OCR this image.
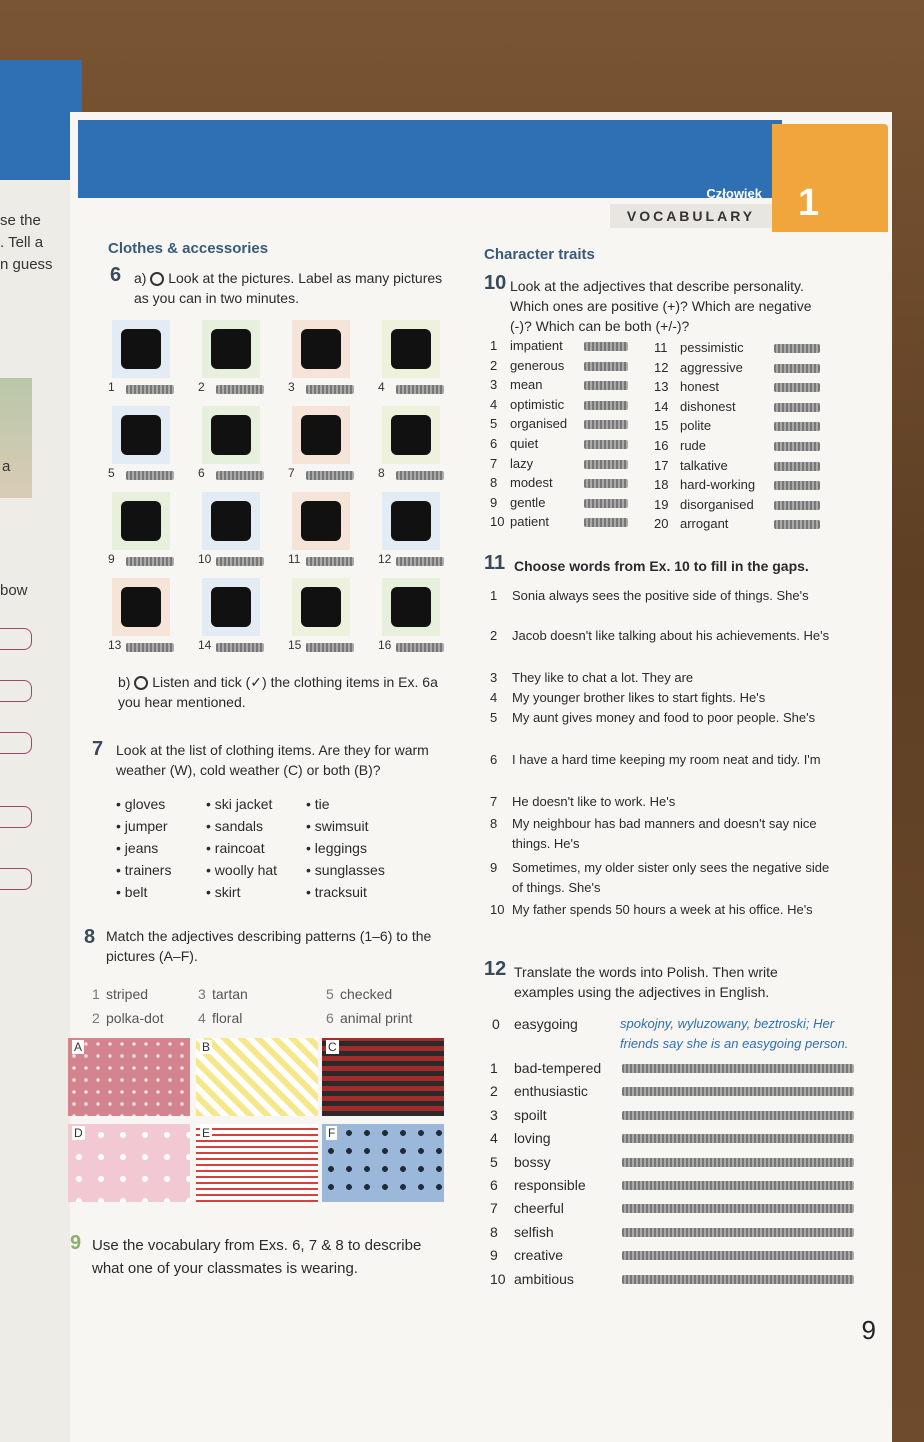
se the
. Tell a
n guess
a
bow
Człowiek 1
VOCABULARY
Clothes & accessories
6 a) Look at the pictures. Label as many pictures as you can in two minutes.
1	2	3	4
5	6	7	8
9	10	11	12
13	14	15	16
b) Listen and tick (✓) the clothing items in Ex. 6a you hear mentioned.
7 Look at the list of clothing items. Are they for warm weather (W), cold weather (C) or both (B)?
• gloves	• ski jacket • tie
• jumper	• sandals	• swimsuit
• jeans	• raincoat	• leggings
• trainers • woolly hat • sunglasses
• belt	• skirt	• tracksuit
8 Match the adjectives describing patterns (1–6) to the pictures (A–F).
1 striped
2 polka-dot
3 tartan
4 floral
5 checked
6 animal print
A	B	C
D	E	F
9 Use the vocabulary from Exs. 6, 7 & 8 to describe what one of your classmates is wearing.
Character traits
10 Look at the adjectives that describe personality. Which ones are positive (+)? Which are negative (-)? Which can be both (+/-)?
1 impatient
2 generous
3 mean
4 optimistic
5 organised
6 quiet
7 lazy
8 modest
9 gentle
10 patient
11 pessimistic
12 aggressive
13 honest
14 dishonest
15 polite
16 rude
17 talkative
18 hard-working
19 disorganised
20 arrogant
11 Choose words from Ex. 10 to fill in the gaps.
1 Sonia always sees the positive side of things. She's
2 Jacob doesn't like talking about his achievements. He's
3 They like to chat a lot. They are
4 My younger brother likes to start fights. He's
5 My aunt gives money and food to poor people. She's
6 I have a hard time keeping my room neat and tidy. I'm
7 He doesn't like to work. He's
8 My neighbour has bad manners and doesn't say nice things. He's
9 Sometimes, my older sister only sees the negative side of things. She's
10 My father spends 50 hours a week at his office. He's
12 Translate the words into Polish. Then write examples using the adjectives in English.
0 easygoing	spokojny, wyluzowany, beztroski; Her friends say she is an easygoing person.
1 bad-tempered
2 enthusiastic
3 spoilt
4 loving
5 bossy
6 responsible
7 cheerful
8 selfish
9 creative
10 ambitious
9
